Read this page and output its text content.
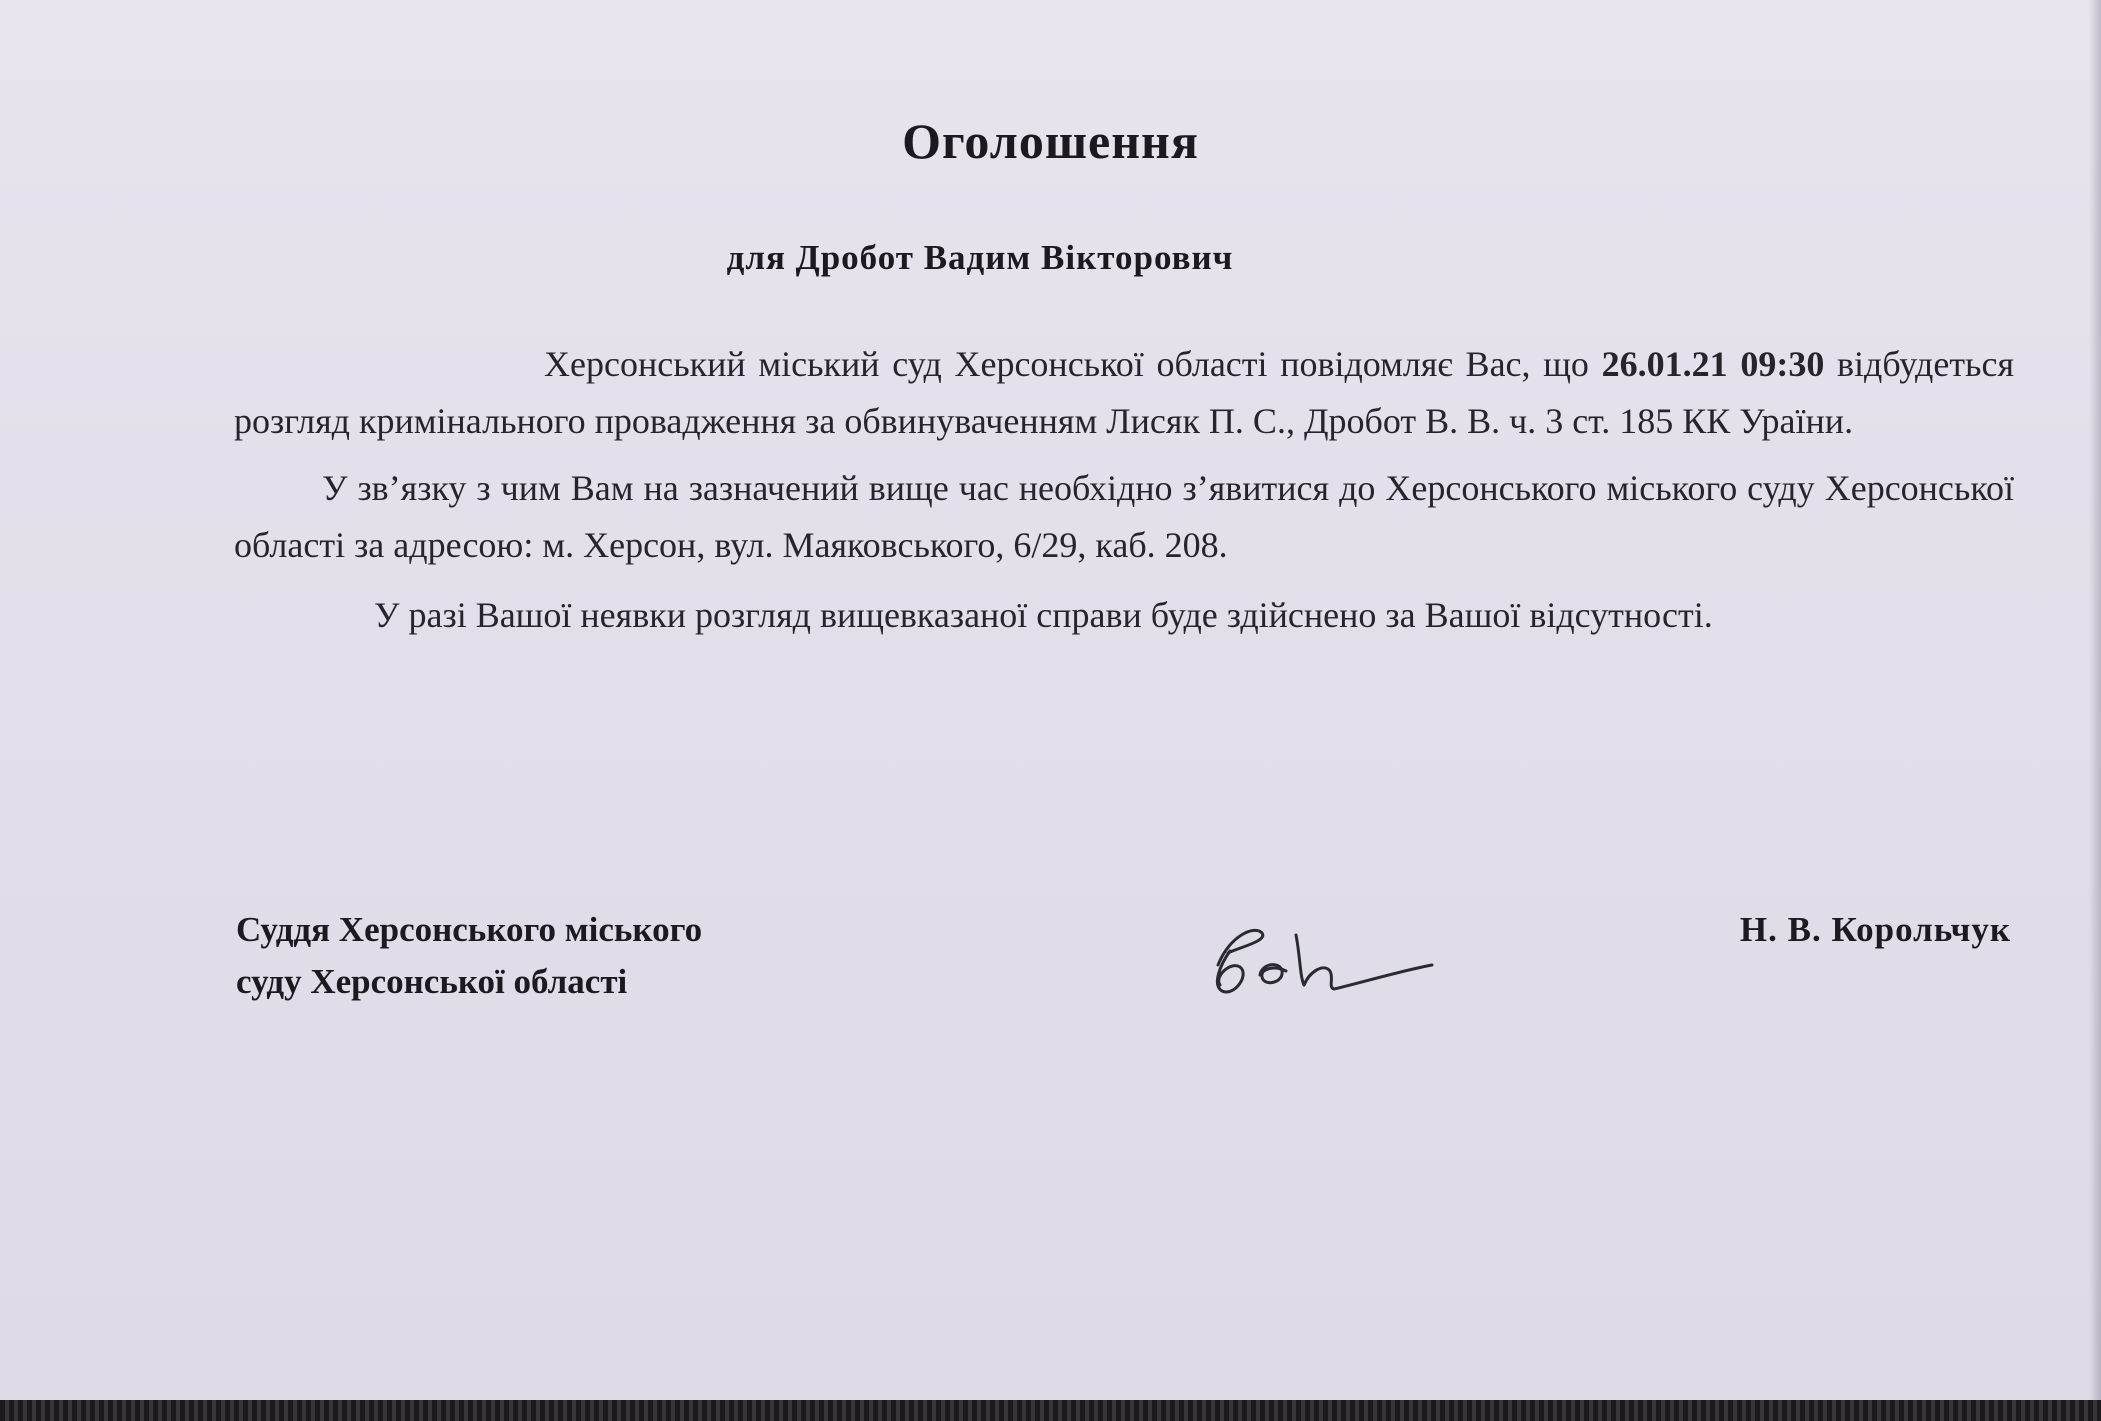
Оголошення
для Дробот Вадим Вікторович

Херсонський міський суд Херсонської області повідомляє Вас, що 26.01.21 09:30 відбудеться розгляд кримінального провадження за обвинуваченням Лисяк П. С., Дробот В. В. ч. 3 ст. 185 КК Ураїни.

У зв’язку з чим Вам на зазначений вище час необхідно з’явитися до Херсонського міського суду Херсонської області за адресою: м. Херсон, вул. Маяковського, 6/29, каб. 208.

У разі Вашої неявки розгляд вищевказаної справи буде здійснено за Вашої відсутності.

Суддя Херсонського міського
суду Херсонської області
Н. В. Корольчук
